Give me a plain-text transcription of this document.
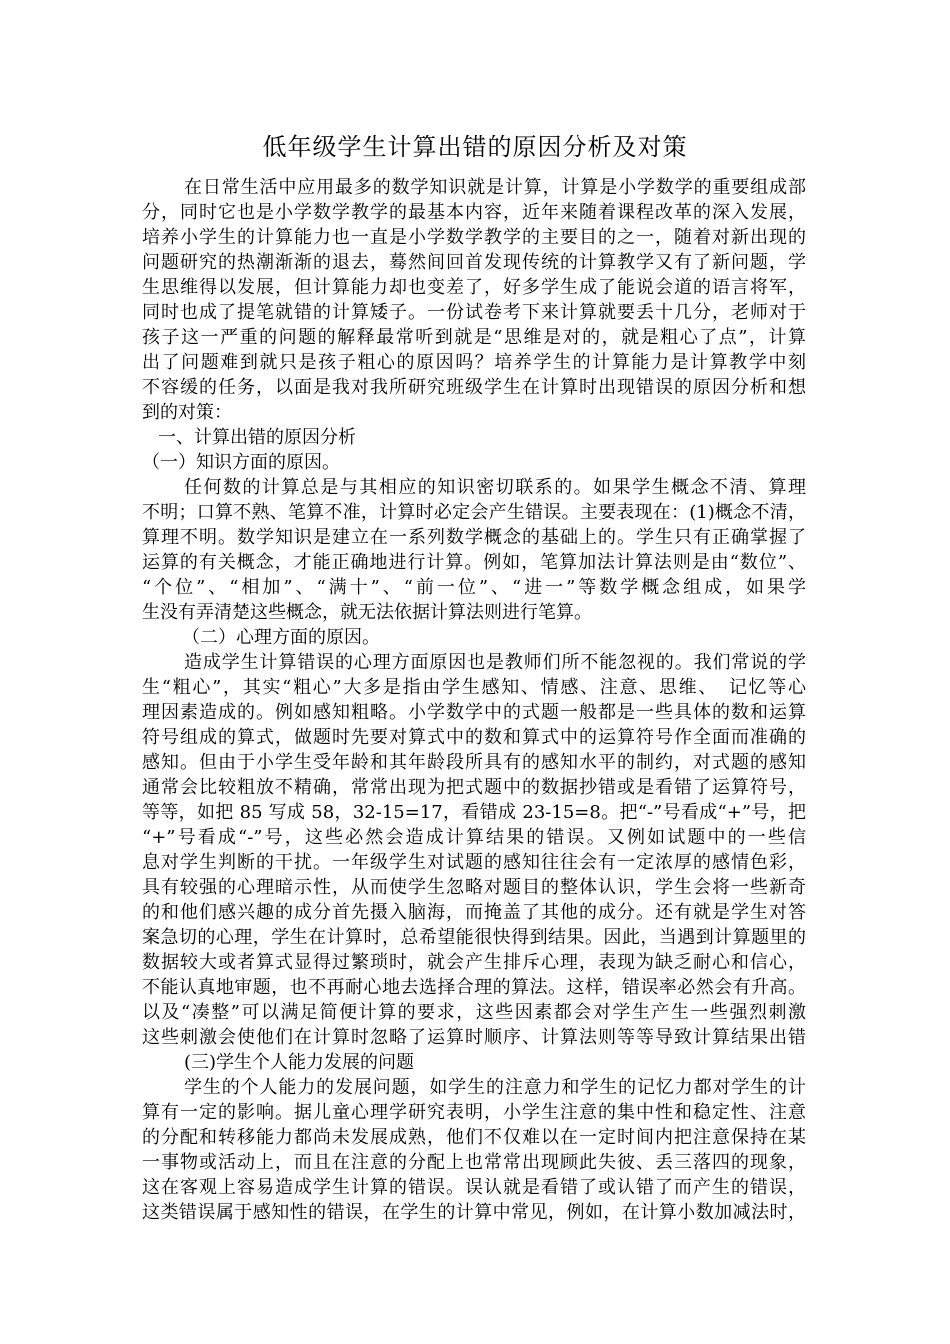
低年级学生计算出错的原因分析及对策
在日常生活中应用最多的数学知识就是计算，计算是小学数学的重要组成部
分，同时它也是小学数学教学的最基本内容，近年来随着课程改革的深入发展，
培养小学生的计算能力也一直是小学数学教学的主要目的之一，随着对新出现的
问题研究的热潮渐渐的退去，蓦然间回首发现传统的计算教学又有了新问题，学
生思维得以发展，但计算能力却也变差了，好多学生成了能说会道的语言将军，
同时也成了提笔就错的计算矮子。一份试卷考下来计算就要丢十几分，老师对于
孩子这一严重的问题的解释最常听到就是“思维是对的，就是粗心了点”，计算
出了问题难到就只是孩子粗心的原因吗？培养学生的计算能力是计算教学中刻
不容缓的任务，以面是我对我所研究班级学生在计算时出现错误的原因分析和想
到的对策：
一、计算出错的原因分析
（一）知识方面的原因。
任何数的计算总是与其相应的知识密切联系的。如果学生概念不清、算理
不明；口算不熟、笔算不准，计算时必定会产生错误。主要表现在：(1)概念不清，
算理不明。数学知识是建立在一系列数学概念的基础上的。学生只有正确掌握了
运算的有关概念，才能正确地进行计算。例如，笔算加法计算法则是由“数位”、
“个位”、“相加”、“满十”、“前一位”、“进一”等数学概念组成，如果学
生没有弄清楚这些概念，就无法依据计算法则进行笔算。
（二）心理方面的原因。
造成学生计算错误的心理方面原因也是教师们所不能忽视的。我们常说的学
生“粗心”，其实“粗心”大多是指由学生感知、情感、注意、思维、　记忆等心
理因素造成的。例如感知粗略。小学数学中的式题一般都是一些具体的数和运算
符号组成的算式，做题时先要对算式中的数和算式中的运算符号作全面而准确的
感知。但由于小学生受年龄和其年龄段所具有的感知水平的制约，对式题的感知
通常会比较粗放不精确，常常出现为把式题中的数据抄错或是看错了运算符号，
等等，如把 85 写成 58，32-15=17，看错成 23-15=8。把“-”号看成“+”号，把
“+”号看成“-”号，这些必然会造成计算结果的错误。又例如试题中的一些信
息对学生判断的干扰。一年级学生对试题的感知往往会有一定浓厚的感情色彩，
具有较强的心理暗示性，从而使学生忽略对题目的整体认识，学生会将一些新奇
的和他们感兴趣的成分首先摄入脑海，而掩盖了其他的成分。还有就是学生对答
案急切的心理，学生在计算时，总希望能很快得到结果。因此，当遇到计算题里的
数据较大或者算式显得过繁琐时，就会产生排斥心理，表现为缺乏耐心和信心，
不能认真地审题，也不再耐心地去选择合理的算法。这样，错误率必然会有升高。
以及“凑整”可以满足简便计算的要求，这些因素都会对学生产生一些强烈刺激
这些刺激会使他们在计算时忽略了运算时顺序、计算法则等等导致计算结果出错
(三)学生个人能力发展的问题
学生的个人能力的发展问题，如学生的注意力和学生的记忆力都对学生的计
算有一定的影响。据儿童心理学研究表明，小学生注意的集中性和稳定性、注意
的分配和转移能力都尚未发展成熟，他们不仅难以在一定时间内把注意保持在某
一事物或活动上，而且在注意的分配上也常常出现顾此失彼、丢三落四的现象，
这在客观上容易造成学生计算的错误。误认就是看错了或认错了而产生的错误，
这类错误属于感知性的错误，在学生的计算中常见，例如，在计算小数加减法时，
